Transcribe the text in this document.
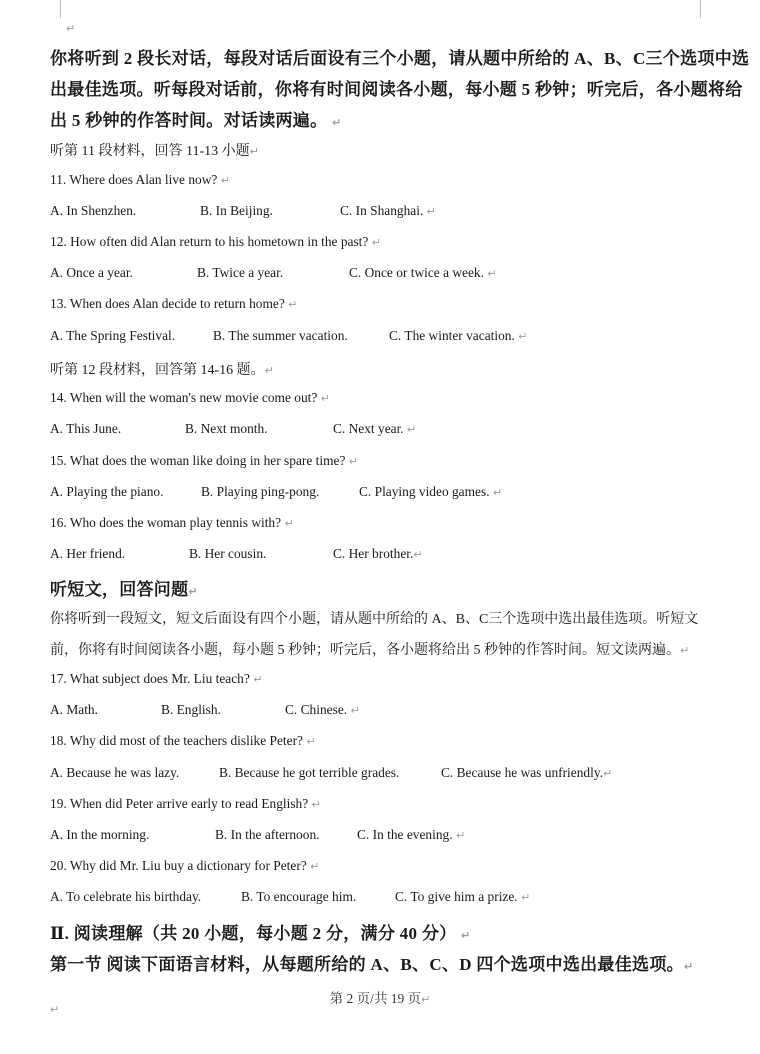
↵
你将听到 2 段长对话，每段对话后面设有三个小题，请从题中所给的 A、B、C三个选项中选
出最佳选项。听每段对话前，你将有时间阅读各小题，每小题 5 秒钟；听完后，各小题将给
出 5 秒钟的作答时间。对话读两遍。 ↵
听第 11 段材料，回答 11-13 小题↵
11. Where does Alan live now? ↵
A. In Shenzhen.	B. In Beijing.	C. In Shanghai. ↵
12. How often did Alan return to his hometown in the past? ↵
A. Once a year.	B. Twice a year.	C. Once or twice a week. ↵
13. When does Alan decide to return home? ↵
A. The Spring Festival.	B. The summer vacation.	C. The winter vacation. ↵
听第 12 段材料，回答第 14-16 题。↵
14. When will the woman's new movie come out? ↵
A. This June.	B. Next month.	C. Next year. ↵
15. What does the woman like doing in her spare time? ↵
A. Playing the piano.	B. Playing ping-pong.	C. Playing video games. ↵
16. Who does the woman play tennis with? ↵
A. Her friend.	B. Her cousin.	C. Her brother.↵
听短文，回答问题↵
你将听到一段短文，短文后面设有四个小题，请从题中所给的 A、B、C三个选项中选出最佳选项。听短文
前，你将有时间阅读各小题，每小题 5 秒钟；听完后，各小题将给出 5 秒钟的作答时间。短文读两遍。↵
17. What subject does Mr. Liu teach? ↵
A. Math.	B. English.	C. Chinese. ↵
18. Why did most of the teachers dislike Peter? ↵
A. Because he was lazy.	B. Because he got terrible grades.	C. Because he was unfriendly.↵
19. When did Peter arrive early to read English? ↵
A. In the morning.	B. In the afternoon.	C. In the evening. ↵
20. Why did Mr. Liu buy a dictionary for Peter? ↵
A. To celebrate his birthday.	B. To encourage him.	C. To give him a prize. ↵
Ⅱ. 阅读理解（共 20 小题，每小题 2 分，满分 40 分） ↵
第一节 阅读下面语言材料，从每题所给的 A、B、C、D 四个选项中选出最佳选项。↵
第 2 页/共 19 页↵
↵
